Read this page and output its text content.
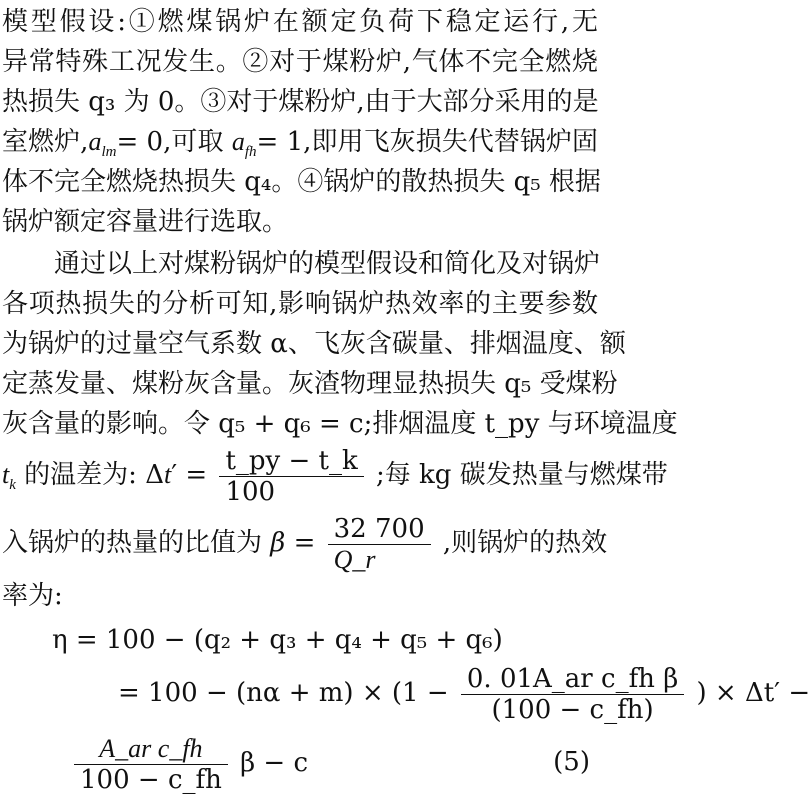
模型假设:①燃煤锅炉在额定负荷下稳定运行,无
异常特殊工况发生。②对于煤粉炉,气体不完全燃烧
热损失 q₃ 为 0。③对于煤粉炉,由于大部分采用的是
室燃炉$,a_{lm}= 0$,可取 $a_{fh}= 1$,即用飞灰损失代替锅炉固
体不完全燃烧热损失 q₄。④锅炉的散热损失 q₅ 根据
锅炉额定容量进行选取。
通过以上对煤粉锅炉的模型假设和简化及对锅炉
各项热损失的分析可知,影响锅炉热效率的主要参数
为锅炉的过量空气系数 α、飞灰含碳量、排烟温度、额
定蒸发量、煤粉灰含量。灰渣物理显热损失 q₅ 受煤粉
灰含量的影响。令 q₅ + q₆ = c;排烟温度 t_py 与环境温度
$t_k$ 的温差为: $\Delta t' = \frac{t\_py - t\_k}{100}$ ;每 kg 碳发热量与燃煤带
入锅炉的热量的比值为 $\beta = \frac{32 700}{Q\_r}$ ,则锅炉的热效
率为:
η = 100 − (q₂ + q₃ + q₄ + q₅ + q₆)
= $100 - (n\alpha + m) \times (1 - \frac{\text{0. 01A\_ar c\_fh β}}{(100 - c\_fh)}$ ) × Δt′ −
$\frac{\text{A\_ar c\_fh}}{100 - c\_fh}$ β − c	(5)
